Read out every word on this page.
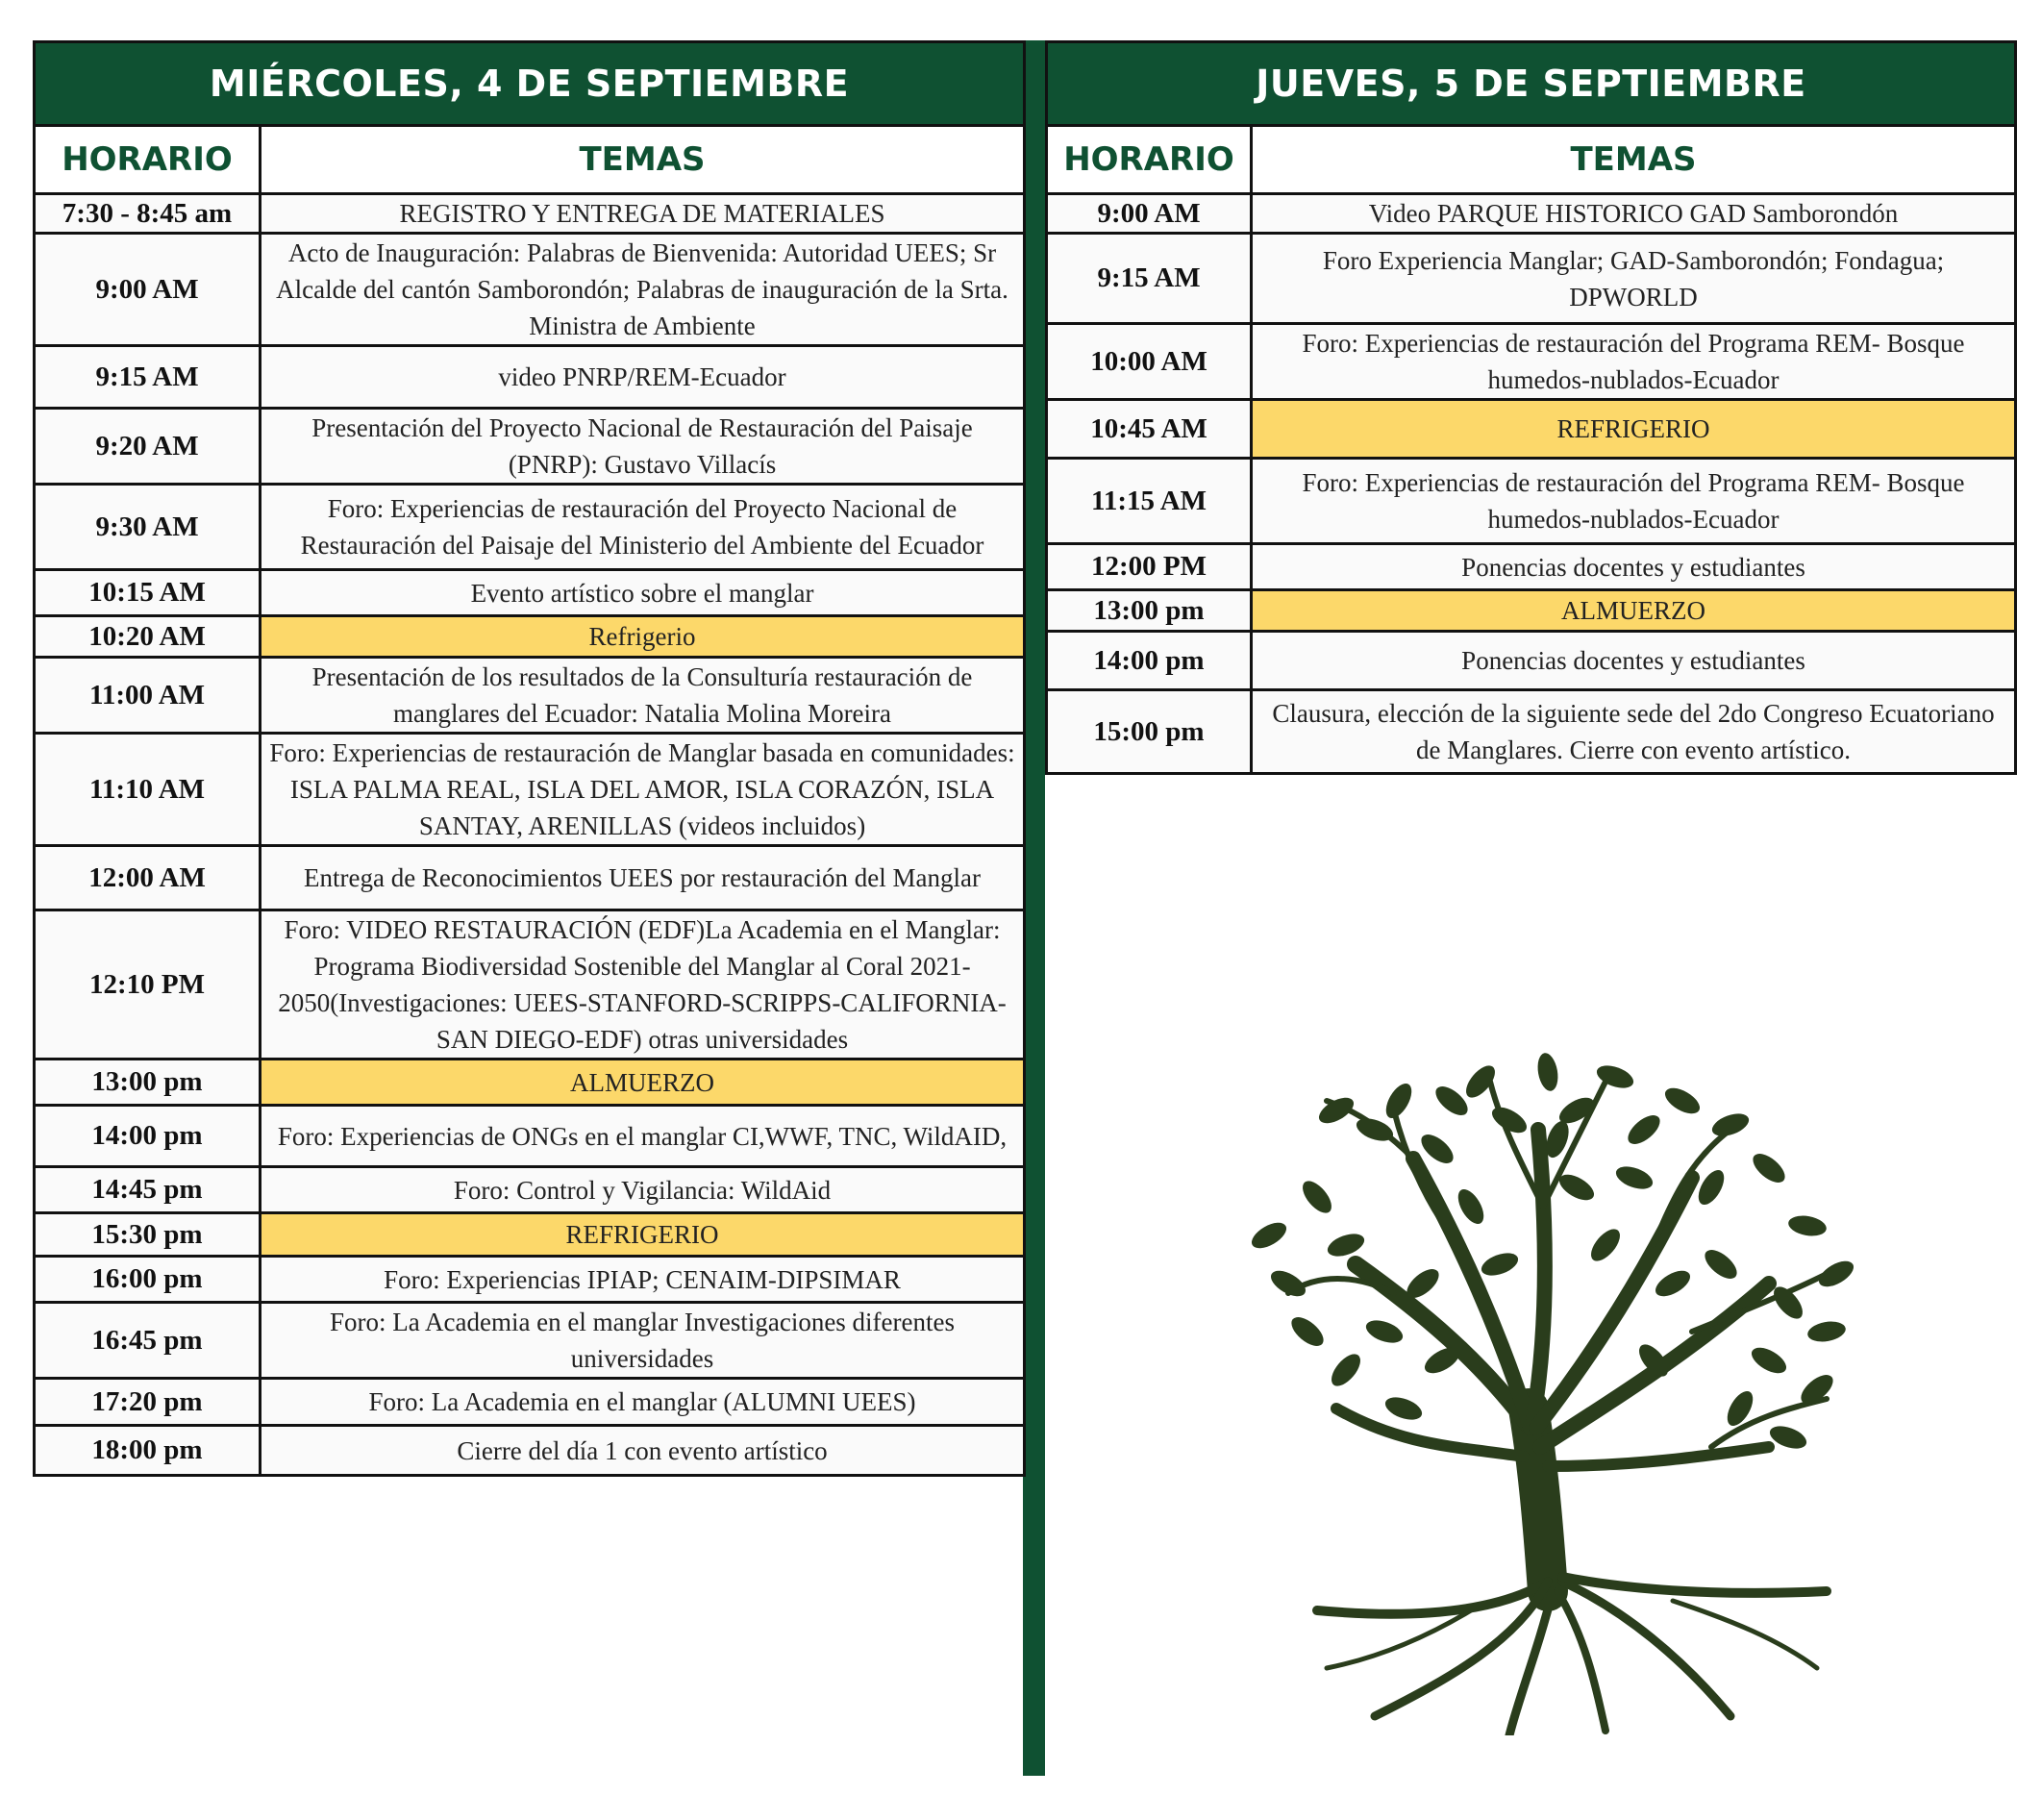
MIÉRCOLES, 4 DE SEPTIEMBRE	
HORARIO	TEMAS
7:30 - 8:45 am	REGISTRO Y ENTREGA DE MATERIALES
9:00 AM	Acto de Inauguración: Palabras de Bienvenida: Autoridad UEES; Sr Alcalde del cantón Samborondón; Palabras de inauguración de la Srta. Ministra de Ambiente
9:15 AM	video PNRP/REM-Ecuador
9:20 AM	Presentación del Proyecto Nacional de Restauración del Paisaje (PNRP): Gustavo Villacís
9:30 AM	Foro: Experiencias de restauración del Proyecto Nacional de Restauración del Paisaje del Ministerio del Ambiente del Ecuador
10:15 AM	Evento artístico sobre el manglar
10:20 AM	Refrigerio
11:00 AM	Presentación de los resultados de la Consulturía restauración de manglares del Ecuador: Natalia Molina Moreira
11:10 AM	Foro: Experiencias de restauración de Manglar basada en comunidades: ISLA PALMA REAL, ISLA DEL AMOR, ISLA CORAZÓN, ISLA SANTAY, ARENILLAS (videos incluidos)
12:00 AM	Entrega de Reconocimientos UEES por restauración del Manglar
12:10 PM	Foro: VIDEO RESTAURACIÓN (EDF)La Academia en el Manglar: Programa Biodiversidad Sostenible del Manglar al Coral 2021-2050(Investigaciones: UEES-STANFORD-SCRIPPS-CALIFORNIA-SAN DIEGO-EDF) otras universidades
13:00 pm	ALMUERZO
14:00 pm	Foro: Experiencias de ONGs en el manglar CI,WWF, TNC, WildAID,
14:45 pm	Foro: Control y Vigilancia: WildAid
15:30 pm	REFRIGERIO
16:00 pm	Foro: Experiencias IPIAP; CENAIM-DIPSIMAR
16:45 pm	Foro: La Academia en el manglar Investigaciones diferentes universidades
17:20 pm	Foro: La Academia en el manglar (ALUMNI UEES)
18:00 pm	Cierre del día 1 con evento artístico
JUEVES, 5 DE SEPTIEMBRE	
HORARIO	TEMAS
9:00 AM	Video PARQUE HISTORICO GAD Samborondón
9:15 AM	Foro Experiencia Manglar; GAD-Samborondón; Fondagua; DPWORLD
10:00 AM	Foro: Experiencias de restauración del Programa REM- Bosque humedos-nublados-Ecuador
10:45 AM	REFRIGERIO
11:15 AM	Foro: Experiencias de restauración del Programa REM- Bosque humedos-nublados-Ecuador
12:00 PM	Ponencias docentes y estudiantes
13:00 pm	ALMUERZO
14:00 pm	Ponencias docentes y estudiantes
15:00 pm	Clausura, elección de la siguiente sede del 2do Congreso Ecuatoriano de Manglares. Cierre con evento artístico.
